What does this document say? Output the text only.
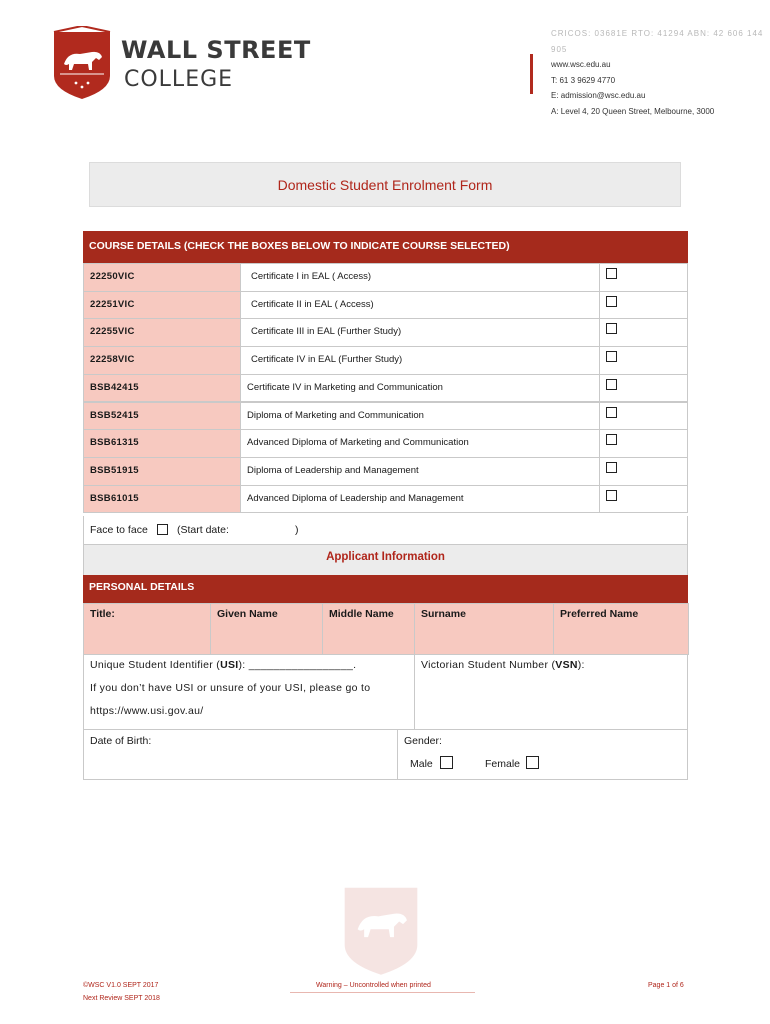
WALL STREET
COLLEGE
CRICOS: 03681E RTO: 41294 ABN: 42 606 144 905
www.wsc.edu.au
T: 61 3 9629 4770
E: admission@wsc.edu.au
A: Level 4, 20 Queen Street, Melbourne, 3000
Domestic Student Enrolment Form
COURSE DETAILS (CHECK THE BOXES BELOW TO INDICATE COURSE SELECTED)
22250VIC	Certificate I in EAL ( Access)
22251VIC	Certificate II in EAL ( Access)
22255VIC	Certificate III in EAL (Further Study)
22258VIC	Certificate IV in EAL (Further Study)
BSB42415	Certificate IV in Marketing and Communication
BSB52415	Diploma of Marketing and Communication
BSB61315	Advanced Diploma of Marketing and Communication
BSB51915	Diploma of Leadership and Management
BSB61015	Advanced Diploma of Leadership and Management
Face to face	(Start date:	)
Applicant Information
PERSONAL DETAILS
Title:	Given Name	Middle Name	Surname	Preferred Name
Unique Student Identifier (USI): _________________.
If you don’t have USI or unsure of your USI, please go to
https://www.usi.gov.au/
Victorian Student Number (VSN):
Date of Birth:	Gender:
Male	Female
©WSC V1.0 SEPT 2017
Next Review SEPT 2018
Warning – Uncontrolled when printed	Page 1 of 6
